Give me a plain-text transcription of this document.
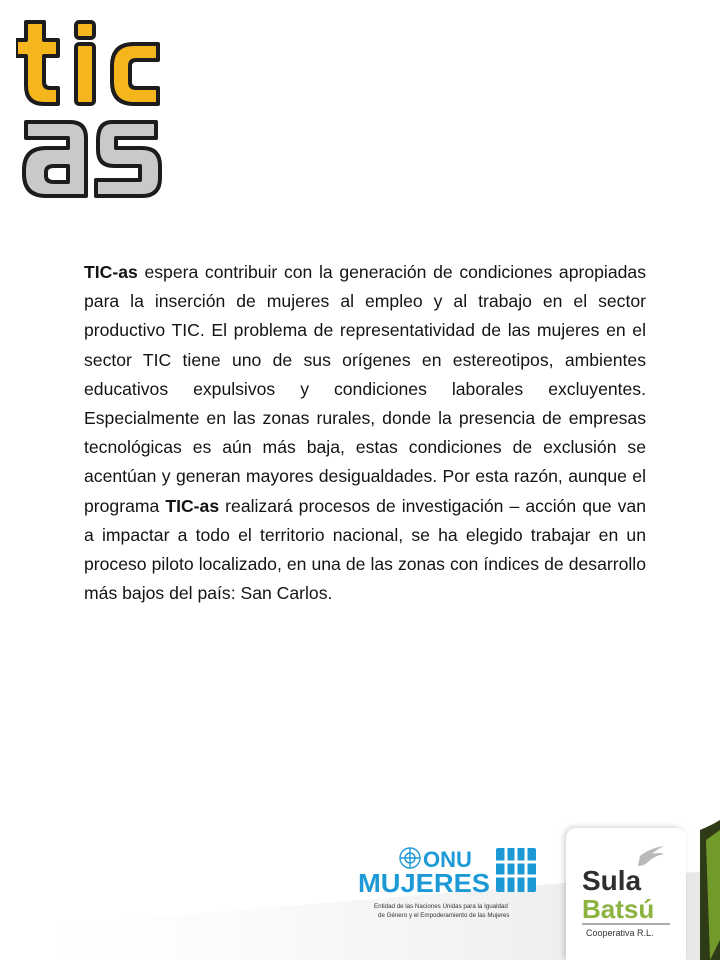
TIC-as espera contribuir con la generación de condiciones apropiadas para la inserción de mujeres al empleo y al trabajo en el sector productivo TIC. El problema de representatividad de las mujeres en el sector TIC tiene uno de sus orígenes en estereotipos, ambientes educativos expulsivos y condiciones laborales excluyentes. Especialmente en las zonas rurales, donde la presencia de empresas tecnológicas es aún más baja, estas condiciones de exclusión se acentúan y generan mayores desigualdades. Por esta razón, aunque el programa TIC-as realizará procesos de investigación – acción que van a impactar a todo el territorio nacional, se ha elegido trabajar en un proceso piloto localizado, en una de las zonas con índices de desarrollo más bajos del país: San Carlos.

ONU
MUJERES
Entidad de las Naciones Unidas para la Igualdad
de Género y el Empoderamiento de las Mujeres
Sula
Batsú
Cooperativa R.L.
